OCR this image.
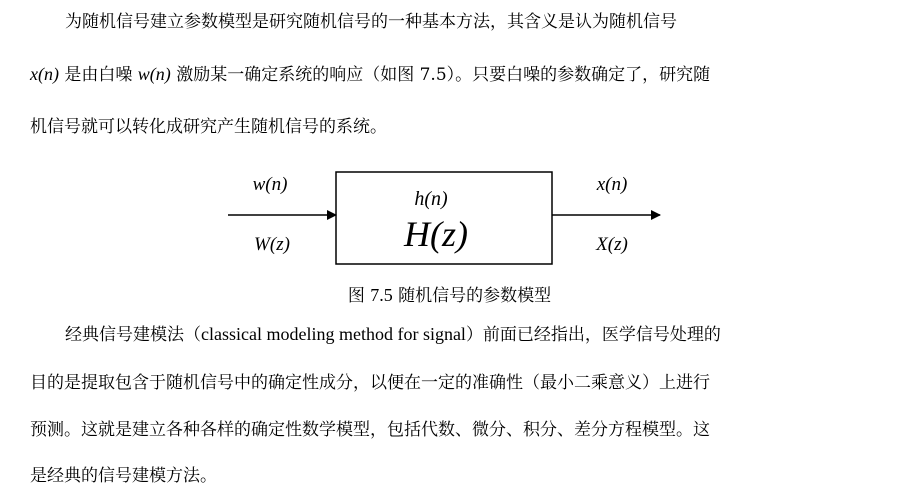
为随机信号建立参数模型是研究随机信号的一种基本方法，其含义是认为随机信号
x(n) 是由白噪 w(n) 激励某一确定系统的响应（如图 7.5）。只要白噪的参数确定了，研究随
机信号就可以转化成研究产生随机信号的系统。
w(n)
W(z)
h(n)
H(z)
x(n)
X(z)
图 7.5 随机信号的参数模型
经典信号建模法（classical modeling method for signal）前面已经指出，医学信号处理的
目的是提取包含于随机信号中的确定性成分，以便在一定的准确性（最小二乘意义）上进行
预测。这就是建立各种各样的确定性数学模型，包括代数、微分、积分、差分方程模型。这
是经典的信号建模方法。
